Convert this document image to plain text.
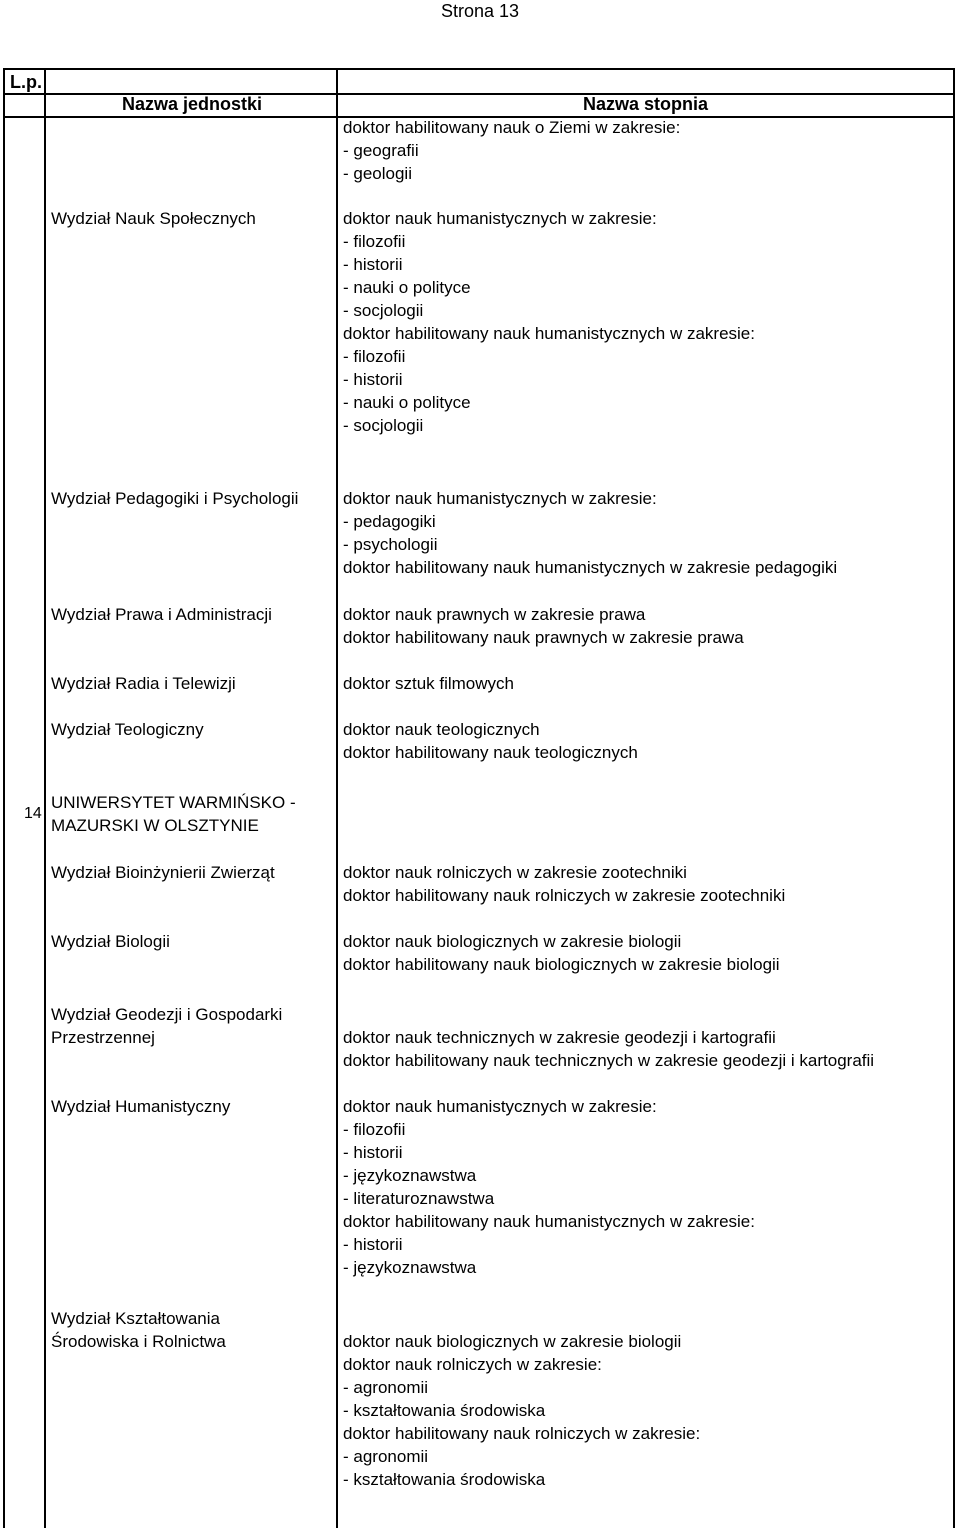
Strona 13
L.p.
Nazwa jednostki	Nazwa stopnia
doktor habilitowany nauk o Ziemi w zakresie:
- geografii
- geologii
Wydział Nauk Społecznych	doktor nauk humanistycznych w zakresie:
- filozofii
- historii
- nauki o polityce
- socjologii
doktor habilitowany nauk humanistycznych w zakresie:
- filozofii
- historii
- nauki o polityce
- socjologii
Wydział Pedagogiki i Psychologii	doktor nauk humanistycznych w zakresie:
- pedagogiki
- psychologii
doktor habilitowany nauk humanistycznych w zakresie pedagogiki
Wydział Prawa i Administracji	doktor nauk prawnych w zakresie prawa
doktor habilitowany nauk prawnych w zakresie prawa
Wydział Radia i Telewizji	doktor sztuk filmowych
Wydział Teologiczny	doktor nauk teologicznych
doktor habilitowany nauk teologicznych
14
UNIWERSYTET WARMIŃSKO -
MAZURSKI W OLSZTYNIE
Wydział Bioinżynierii Zwierząt	doktor nauk rolniczych w zakresie zootechniki
doktor habilitowany nauk rolniczych w zakresie zootechniki
Wydział Biologii	doktor nauk biologicznych w zakresie biologii
doktor habilitowany nauk biologicznych w zakresie biologii
Wydział Geodezji i Gospodarki
Przestrzennej	doktor nauk technicznych w zakresie geodezji i kartografii
doktor habilitowany nauk technicznych w zakresie geodezji i kartografii
Wydział Humanistyczny	doktor nauk humanistycznych w zakresie:
- filozofii
- historii
- językoznawstwa
- literaturoznawstwa
doktor habilitowany nauk humanistycznych w zakresie:
- historii
- językoznawstwa
Wydział Kształtowania
Środowiska i Rolnictwa	doktor nauk biologicznych w zakresie biologii
doktor nauk rolniczych w zakresie:
- agronomii
- kształtowania środowiska
doktor habilitowany nauk rolniczych w zakresie:
- agronomii
- kształtowania środowiska
